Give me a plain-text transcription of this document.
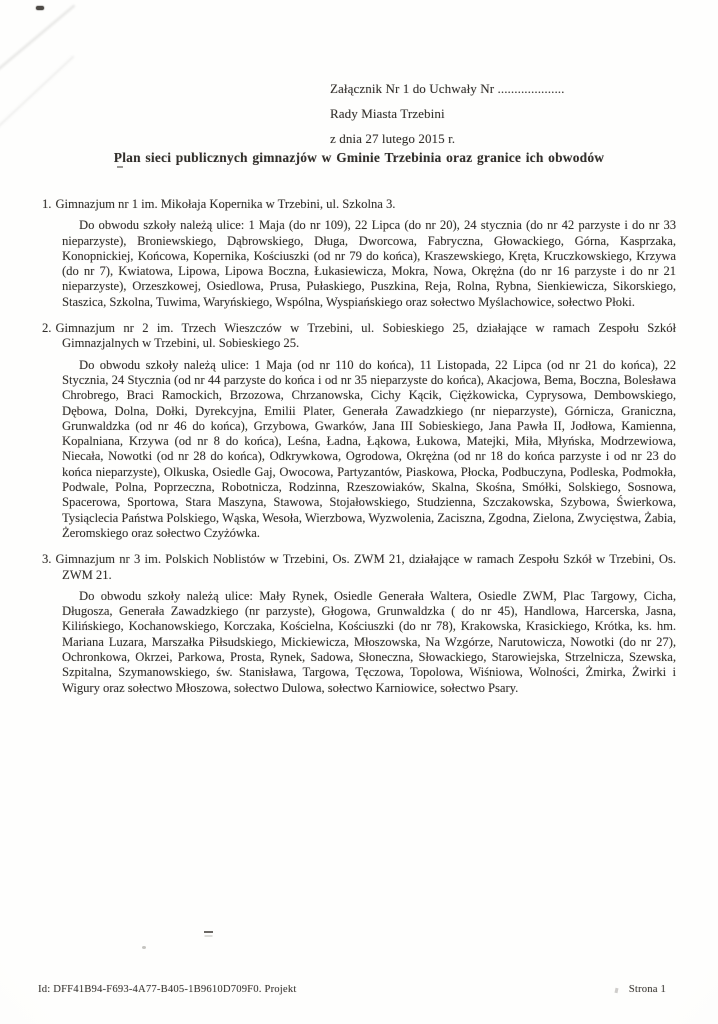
Załącznik Nr 1 do Uchwały Nr ....................
Rady Miasta Trzebini
z dnia 27 lutego 2015 r.
Plan sieci publicznych gimnazjów w Gminie Trzebinia oraz granice ich obwodów
1. Gimnazjum nr 1 im. Mikołaja Kopernika w Trzebini, ul. Szkolna 3.
Do obwodu szkoły należą ulice: 1 Maja (do nr 109), 22 Lipca (do nr 20), 24 stycznia (do nr 42 parzyste i do nr 33 nieparzyste), Broniewskiego, Dąbrowskiego, Długa, Dworcowa, Fabryczna, Głowackiego, Górna, Kasprzaka, Konopnickiej, Końcowa, Kopernika, Kościuszki (od nr 79 do końca), Kraszewskiego, Kręta, Kruczkowskiego, Krzywa (do nr 7), Kwiatowa, Lipowa, Lipowa Boczna, Łukasiewicza, Mokra, Nowa, Okrężna (do nr 16 parzyste i do nr 21 nieparzyste), Orzeszkowej, Osiedlowa, Prusa, Pułaskiego, Puszkina, Reja, Rolna, Rybna, Sienkiewicza, Sikorskiego, Staszica, Szkolna, Tuwima, Waryńskiego, Wspólna, Wyspiańskiego oraz sołectwo Myślachowice, sołectwo Płoki.
2. Gimnazjum nr 2 im. Trzech Wieszczów w Trzebini, ul. Sobieskiego 25, działające w ramach Zespołu Szkół Gimnazjalnych w Trzebini, ul. Sobieskiego 25.
Do obwodu szkoły należą ulice: 1 Maja (od nr 110 do końca), 11 Listopada, 22 Lipca (od nr 21 do końca), 22 Stycznia, 24 Stycznia (od nr 44 parzyste do końca i od nr 35 nieparzyste do końca), Akacjowa, Bema, Boczna, Bolesława Chrobrego, Braci Ramockich, Brzozowa, Chrzanowska, Cichy Kącik, Ciężkowicka, Cyprysowa, Dembowskiego, Dębowa, Dolna, Dołki, Dyrekcyjna, Emilii Plater, Generała Zawadzkiego (nr nieparzyste), Górnicza, Graniczna, Grunwaldzka (od nr 46 do końca), Grzybowa, Gwarków, Jana III Sobieskiego, Jana Pawła II, Jodłowa, Kamienna, Kopalniana, Krzywa (od nr 8 do końca), Leśna, Ładna, Łąkowa, Łukowa, Matejki, Miła, Młyńska, Modrzewiowa, Niecała, Nowotki (od nr 28 do końca), Odkrywkowa, Ogrodowa, Okrężna (od nr 18 do końca parzyste i od nr 23 do końca nieparzyste), Olkuska, Osiedle Gaj, Owocowa, Partyzantów, Piaskowa, Płocka, Podbuczyna, Podleska, Podmokła, Podwale, Polna, Poprzeczna, Robotnicza, Rodzinna, Rzeszowiaków, Skalna, Skośna, Smółki, Solskiego, Sosnowa, Spacerowa, Sportowa, Stara Maszyna, Stawowa, Stojałowskiego, Studzienna, Szczakowska, Szybowa, Świerkowa, Tysiąclecia Państwa Polskiego, Wąska, Wesoła, Wierzbowa, Wyzwolenia, Zaciszna, Zgodna, Zielona, Zwycięstwa, Żabia, Żeromskiego oraz sołectwo Czyżówka.
3. Gimnazjum nr 3 im. Polskich Noblistów w Trzebini, Os. ZWM 21, działające w ramach Zespołu Szkół w Trzebini, Os. ZWM 21.
Do obwodu szkoły należą ulice: Mały Rynek, Osiedle Generała Waltera, Osiedle ZWM, Plac Targowy, Cicha, Długosza, Generała Zawadzkiego (nr parzyste), Głogowa, Grunwaldzka ( do nr 45), Handlowa, Harcerska, Jasna, Kilińskiego, Kochanowskiego, Korczaka, Kościelna, Kościuszki (do nr 78), Krakowska, Krasickiego, Krótka, ks. hm. Mariana Luzara, Marszałka Piłsudskiego, Mickiewicza, Młoszowska, Na Wzgórze, Narutowicza, Nowotki (do nr 27), Ochronkowa, Okrzei, Parkowa, Prosta, Rynek, Sadowa, Słoneczna, Słowackiego, Starowiejska, Strzelnicza, Szewska, Szpitalna, Szymanowskiego, św. Stanisława, Targowa, Tęczowa, Topolowa, Wiśniowa, Wolności, Żmirka, Żwirki i Wigury oraz sołectwo Młoszowa, sołectwo Dulowa, sołectwo Karniowice, sołectwo Psary.
Id: DFF41B94-F693-4A77-B405-1B9610D709F0. Projekt	Strona 1
